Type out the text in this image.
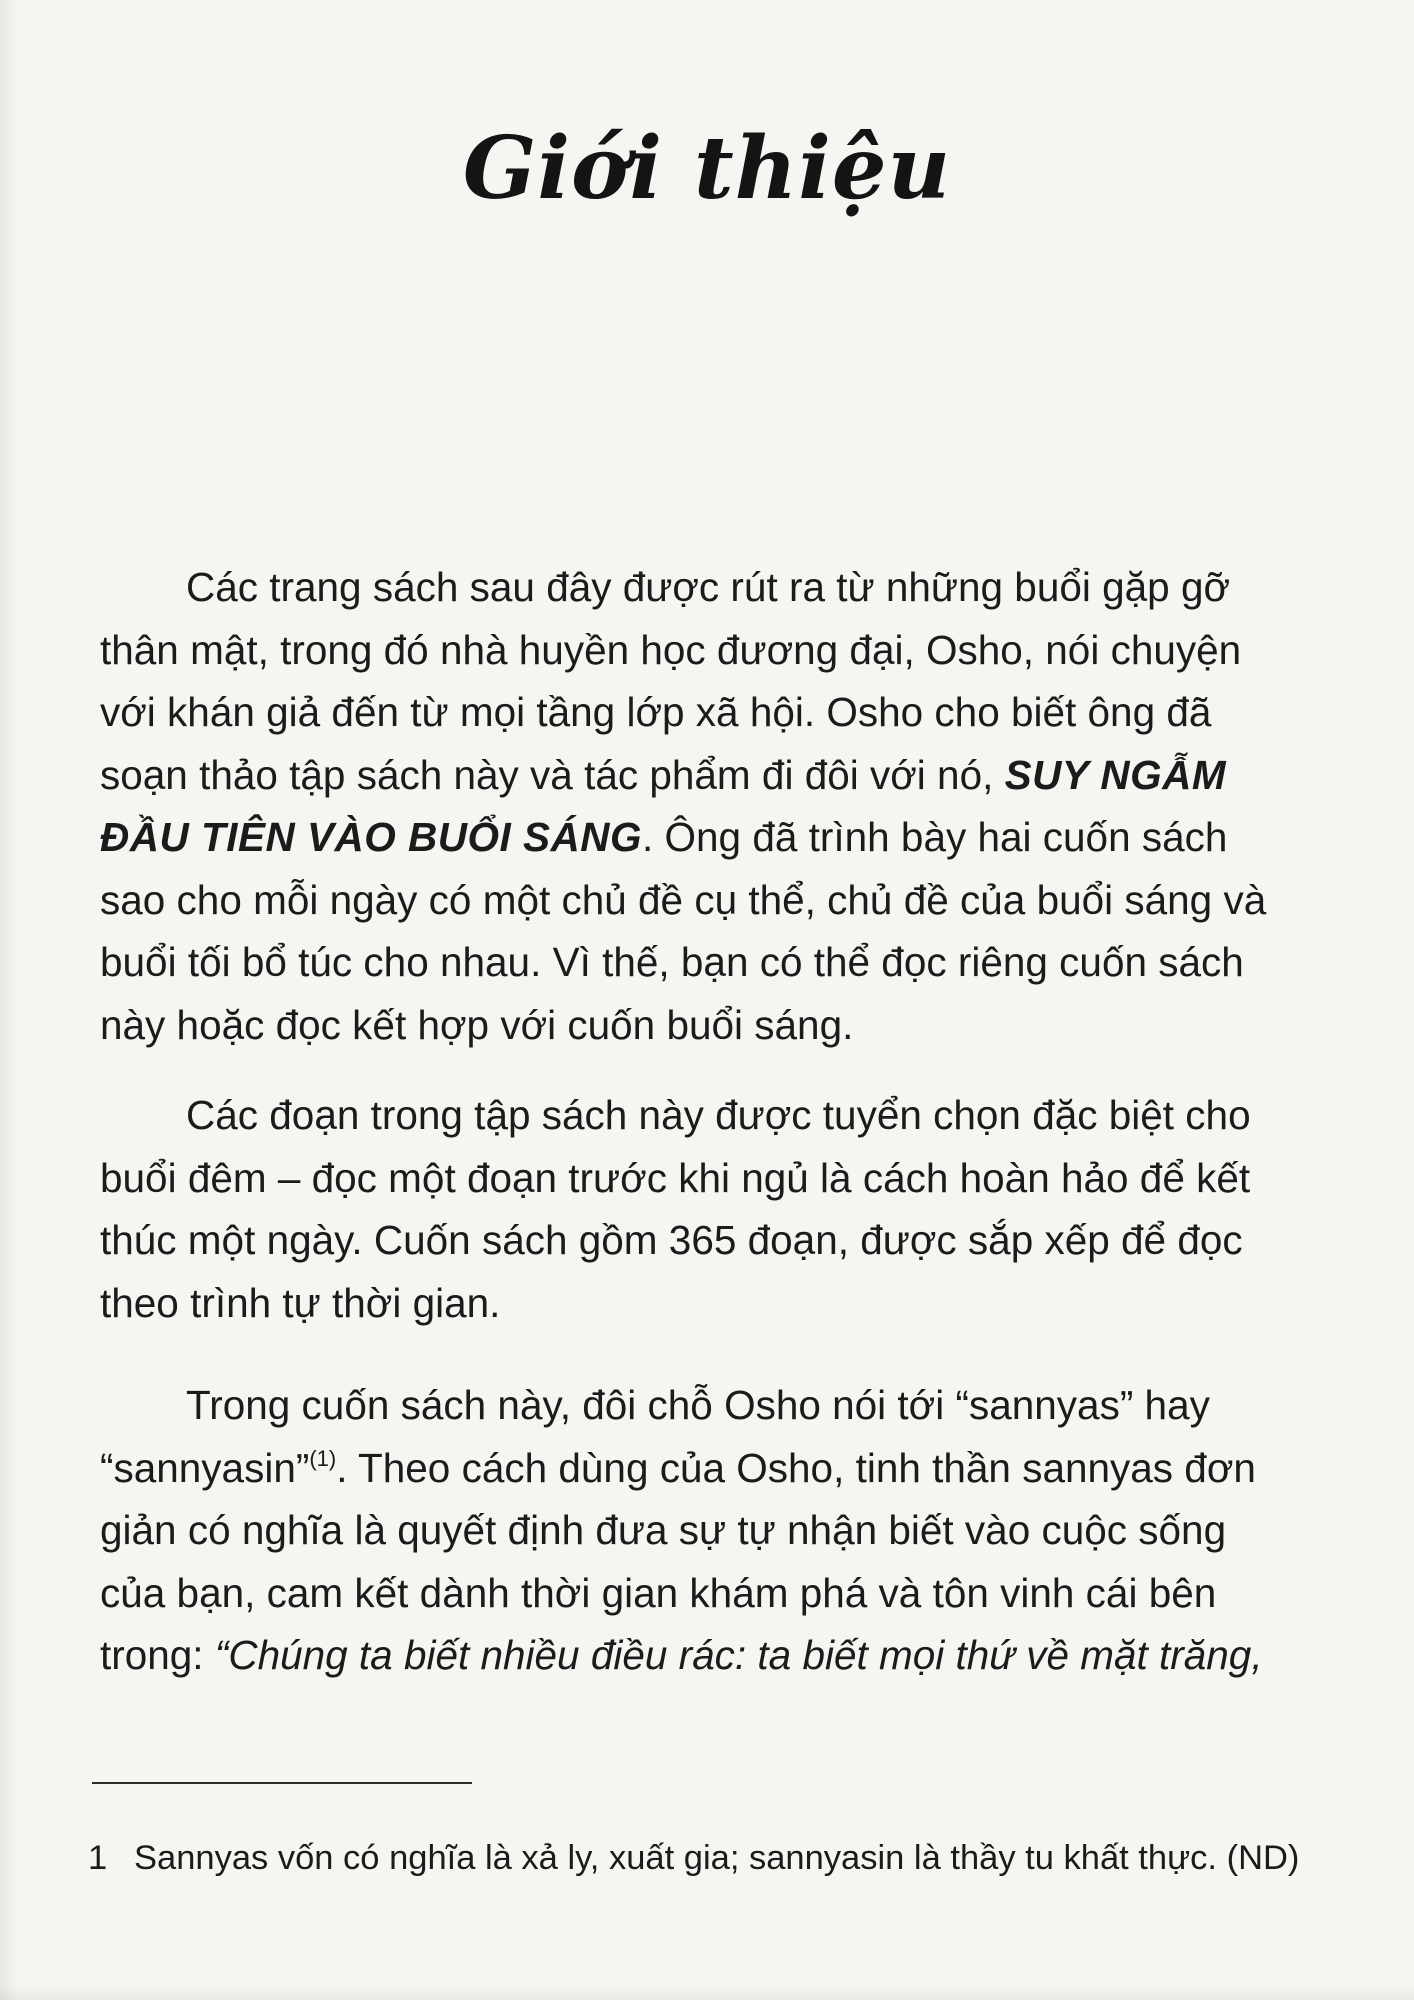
Giới thiệu

Các trang sách sau đây được rút ra từ những buổi gặp gỡ thân mật, trong đó nhà huyền học đương đại, Osho, nói chuyện với khán giả đến từ mọi tầng lớp xã hội. Osho cho biết ông đã soạn thảo tập sách này và tác phẩm đi đôi với nó, SUY NGẪM ĐẦU TIÊN VÀO BUỔI SÁNG. Ông đã trình bày hai cuốn sách sao cho mỗi ngày có một chủ đề cụ thể, chủ đề của buổi sáng và buổi tối bổ túc cho nhau. Vì thế, bạn có thể đọc riêng cuốn sách này hoặc đọc kết hợp với cuốn buổi sáng.

Các đoạn trong tập sách này được tuyển chọn đặc biệt cho buổi đêm – đọc một đoạn trước khi ngủ là cách hoàn hảo để kết thúc một ngày. Cuốn sách gồm 365 đoạn, được sắp xếp để đọc theo trình tự thời gian.

Trong cuốn sách này, đôi chỗ Osho nói tới “sannyas” hay “sannyasin”$^{(1)}$. Theo cách dùng của Osho, tinh thần sannyas đơn giản có nghĩa là quyết định đưa sự tự nhận biết vào cuộc sống của bạn, cam kết dành thời gian khám phá và tôn vinh cái bên trong: “Chúng ta biết nhiều điều rác: ta biết mọi thứ về mặt trăng,

1 Sannyas vốn có nghĩa là xả ly, xuất gia; sannyasin là thầy tu khất thực. (ND)
